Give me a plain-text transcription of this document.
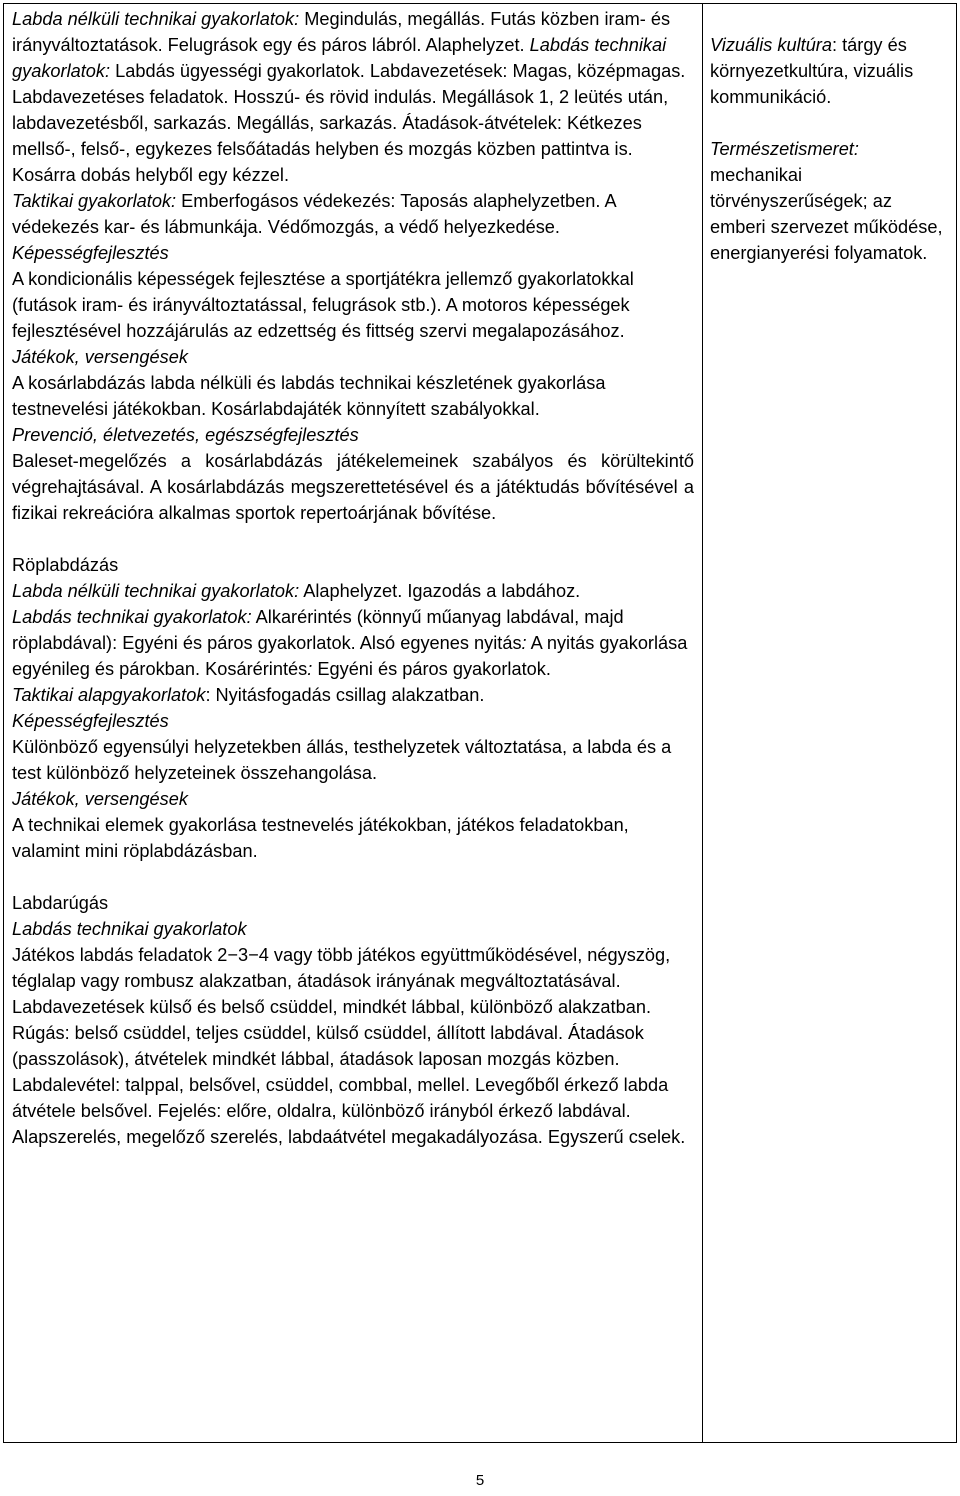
Labda nélküli technikai gyakorlatok: Megindulás, megállás. Futás közben iram- és irányváltoztatások. Felugrások egy és páros lábról. Alaphelyzet. Labdás technikai gyakorlatok: Labdás ügyességi gyakorlatok. Labdavezetések: Magas, középmagas. Labdavezetéses feladatok. Hosszú- és rövid indulás. Megállások 1, 2 leütés után, labdavezetésből, sarkazás. Megállás, sarkazás. Átadások-átvételek: Kétkezes mellső-, felső-, egykezes felsőátadás helyben és mozgás közben pattintva is. Kosárra dobás helyből egy kézzel.

Taktikai gyakorlatok: Emberfogásos védekezés: Taposás alaphelyzetben. A védekezés kar- és lábmunkája. Védőmozgás, a védő helyezkedése.

Képességfejlesztés

A kondicionális képességek fejlesztése a sportjátékra jellemző gyakorlatokkal (futások iram- és irányváltoztatással, felugrások stb.). A motoros képességek fejlesztésével hozzájárulás az edzettség és fittség szervi megalapozásához.

Játékok, versengések

A kosárlabdázás labda nélküli és labdás technikai készletének gyakorlása testnevelési játékokban. Kosárlabdajáték könnyített szabályokkal.

Prevenció, életvezetés, egészségfejlesztés

Baleset-megelőzés a kosárlabdázás játékelemeinek szabályos és körültekintő végrehajtásával. A kosárlabdázás megszerettetésével és a játéktudás bővítésével a fizikai rekreációra alkalmas sportok repertoárjának bővítése.

Röplabdázás

Labda nélküli technikai gyakorlatok: Alaphelyzet. Igazodás a labdához.

Labdás technikai gyakorlatok: Alkarérintés (könnyű műanyag labdával, majd röplabdával): Egyéni és páros gyakorlatok. Alsó egyenes nyitás: A nyitás gyakorlása egyénileg és párokban. Kosárérintés: Egyéni és páros gyakorlatok.

Taktikai alapgyakorlatok: Nyitásfogadás csillag alakzatban.

Képességfejlesztés

Különböző egyensúlyi helyzetekben állás, testhelyzetek változtatása, a labda és a test különböző helyzeteinek összehangolása.

Játékok, versengések

A technikai elemek gyakorlása testnevelés játékokban, játékos feladatokban, valamint mini röplabdázásban.

Labdarúgás

Labdás technikai gyakorlatok

Játékos labdás feladatok 2−3−4 vagy több játékos együttműködésével, négyszög, téglalap vagy rombusz alakzatban, átadások irányának megváltoztatásával. Labdavezetések külső és belső csüddel, mindkét lábbal, különböző alakzatban. Rúgás: belső csüddel, teljes csüddel, külső csüddel, állított labdával. Átadások (passzolások), átvételek mindkét lábbal, átadások laposan mozgás közben. Labdalevétel: talppal, belsővel, csüddel, combbal, mellel. Levegőből érkező labda átvétele belsővel. Fejelés: előre, oldalra, különböző irányból érkező labdával. Alapszerelés, megelőző szerelés, labdaátvétel megakadályozása. Egyszerű cselek.

Vizuális kultúra: tárgy és környezetkultúra, vizuális kommunikáció.

Természetismeret: mechanikai törvényszerűségek; az emberi szervezet működése, energianyerési folyamatok.

5
